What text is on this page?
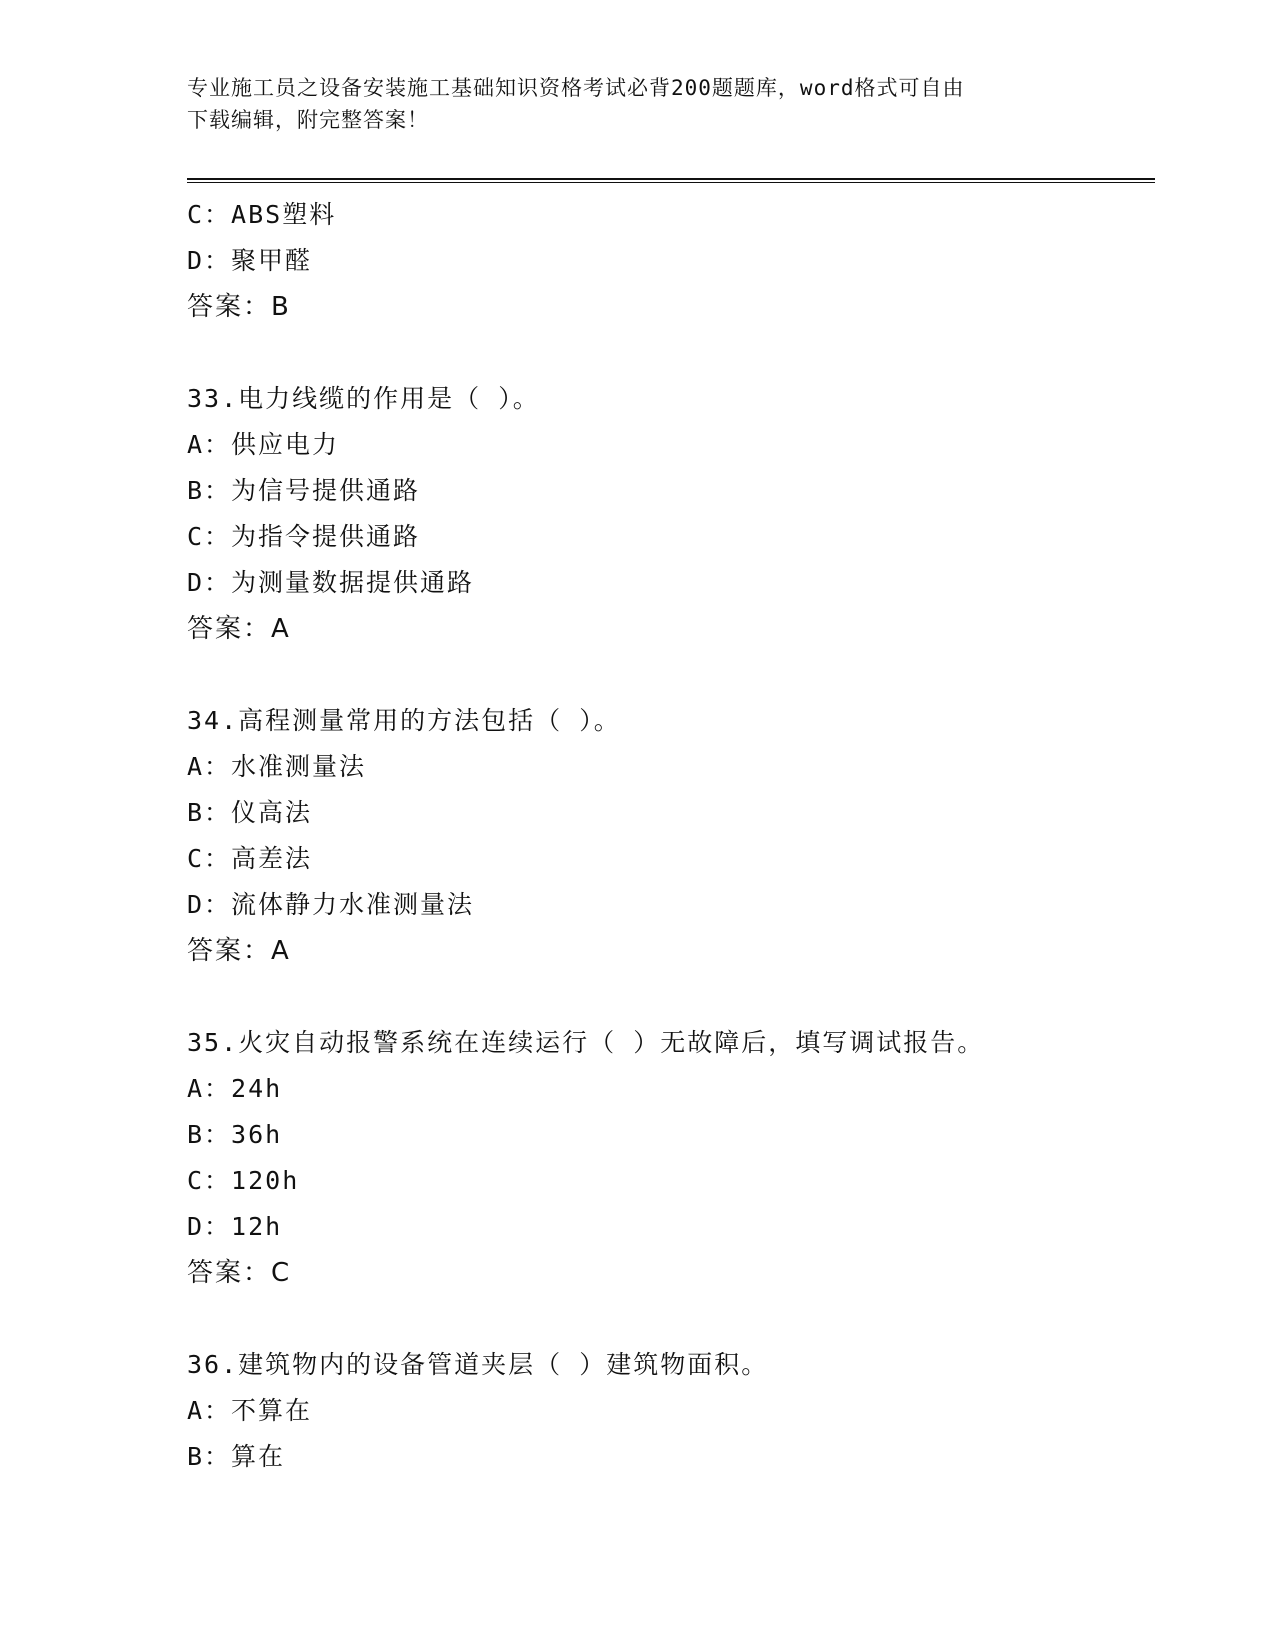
专业施工员之设备安装施工基础知识资格考试必背200题题库，word格式可自由
下载编辑，附完整答案！
C：ABS塑料
D：聚甲醛
答案：B
33.电力线缆的作用是（ ）。
A：供应电力
B：为信号提供通路
C：为指令提供通路
D：为测量数据提供通路
答案：A
34.高程测量常用的方法包括（ ）。
A：水准测量法
B：仪高法
C：高差法
D：流体静力水准测量法
答案：A
35.火灾自动报警系统在连续运行（ ）无故障后，填写调试报告。
A：24h
B：36h
C：120h
D：12h
答案：C
36.建筑物内的设备管道夹层（ ）建筑物面积。
A：不算在
B：算在
